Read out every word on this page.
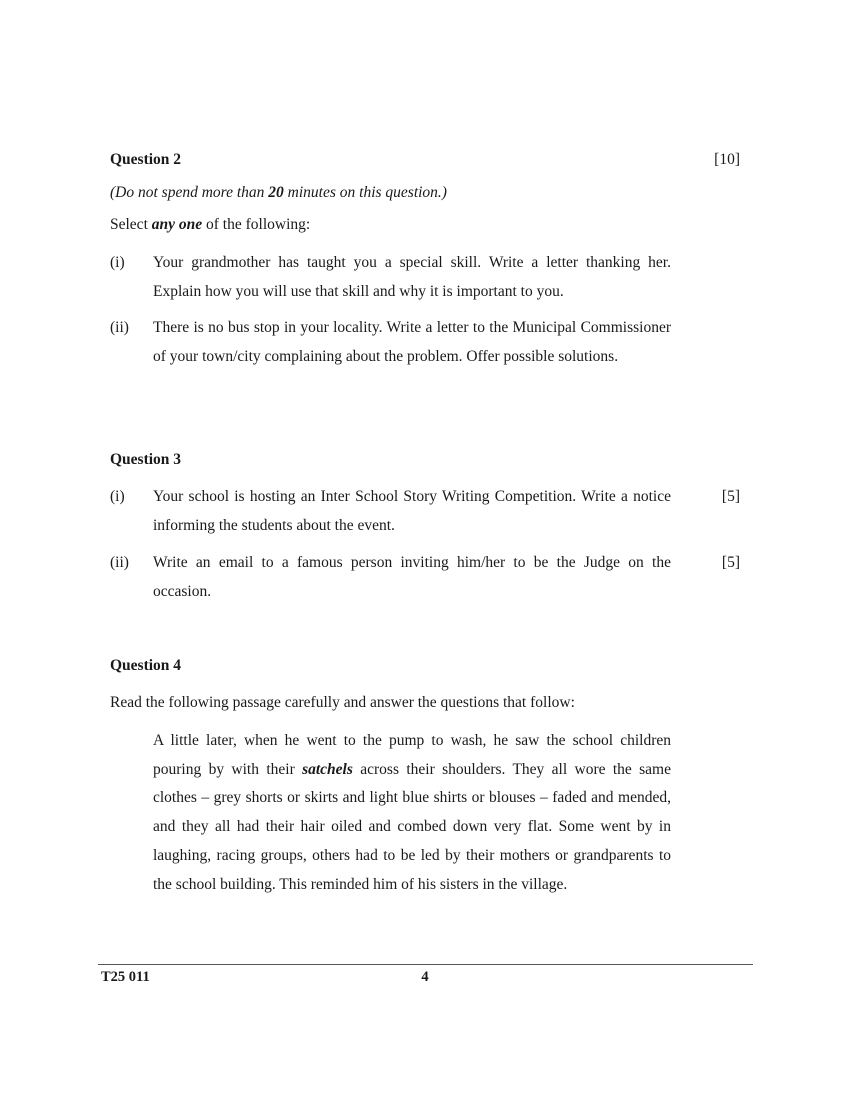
Question 2	[10]
(Do not spend more than 20 minutes on this question.)
Select any one of the following:
(i) Your grandmother has taught you a special skill. Write a letter thanking her. Explain how you will use that skill and why it is important to you.
(ii) There is no bus stop in your locality. Write a letter to the Municipal Commissioner of your town/city complaining about the problem. Offer possible solutions.
Question 3
(i) Your school is hosting an Inter School Story Writing Competition. Write a notice informing the students about the event.
[5]
(ii) Write an email to a famous person inviting him/her to be the Judge on the occasion.
[5]
Question 4
Read the following passage carefully and answer the questions that follow:
A little later, when he went to the pump to wash, he saw the school children pouring by with their satchels across their shoulders. They all wore the same clothes – grey shorts or skirts and light blue shirts or blouses – faded and mended, and they all had their hair oiled and combed down very flat. Some went by in laughing, racing groups, others had to be led by their mothers or grandparents to the school building. This reminded him of his sisters in the village.
T25 011	4
